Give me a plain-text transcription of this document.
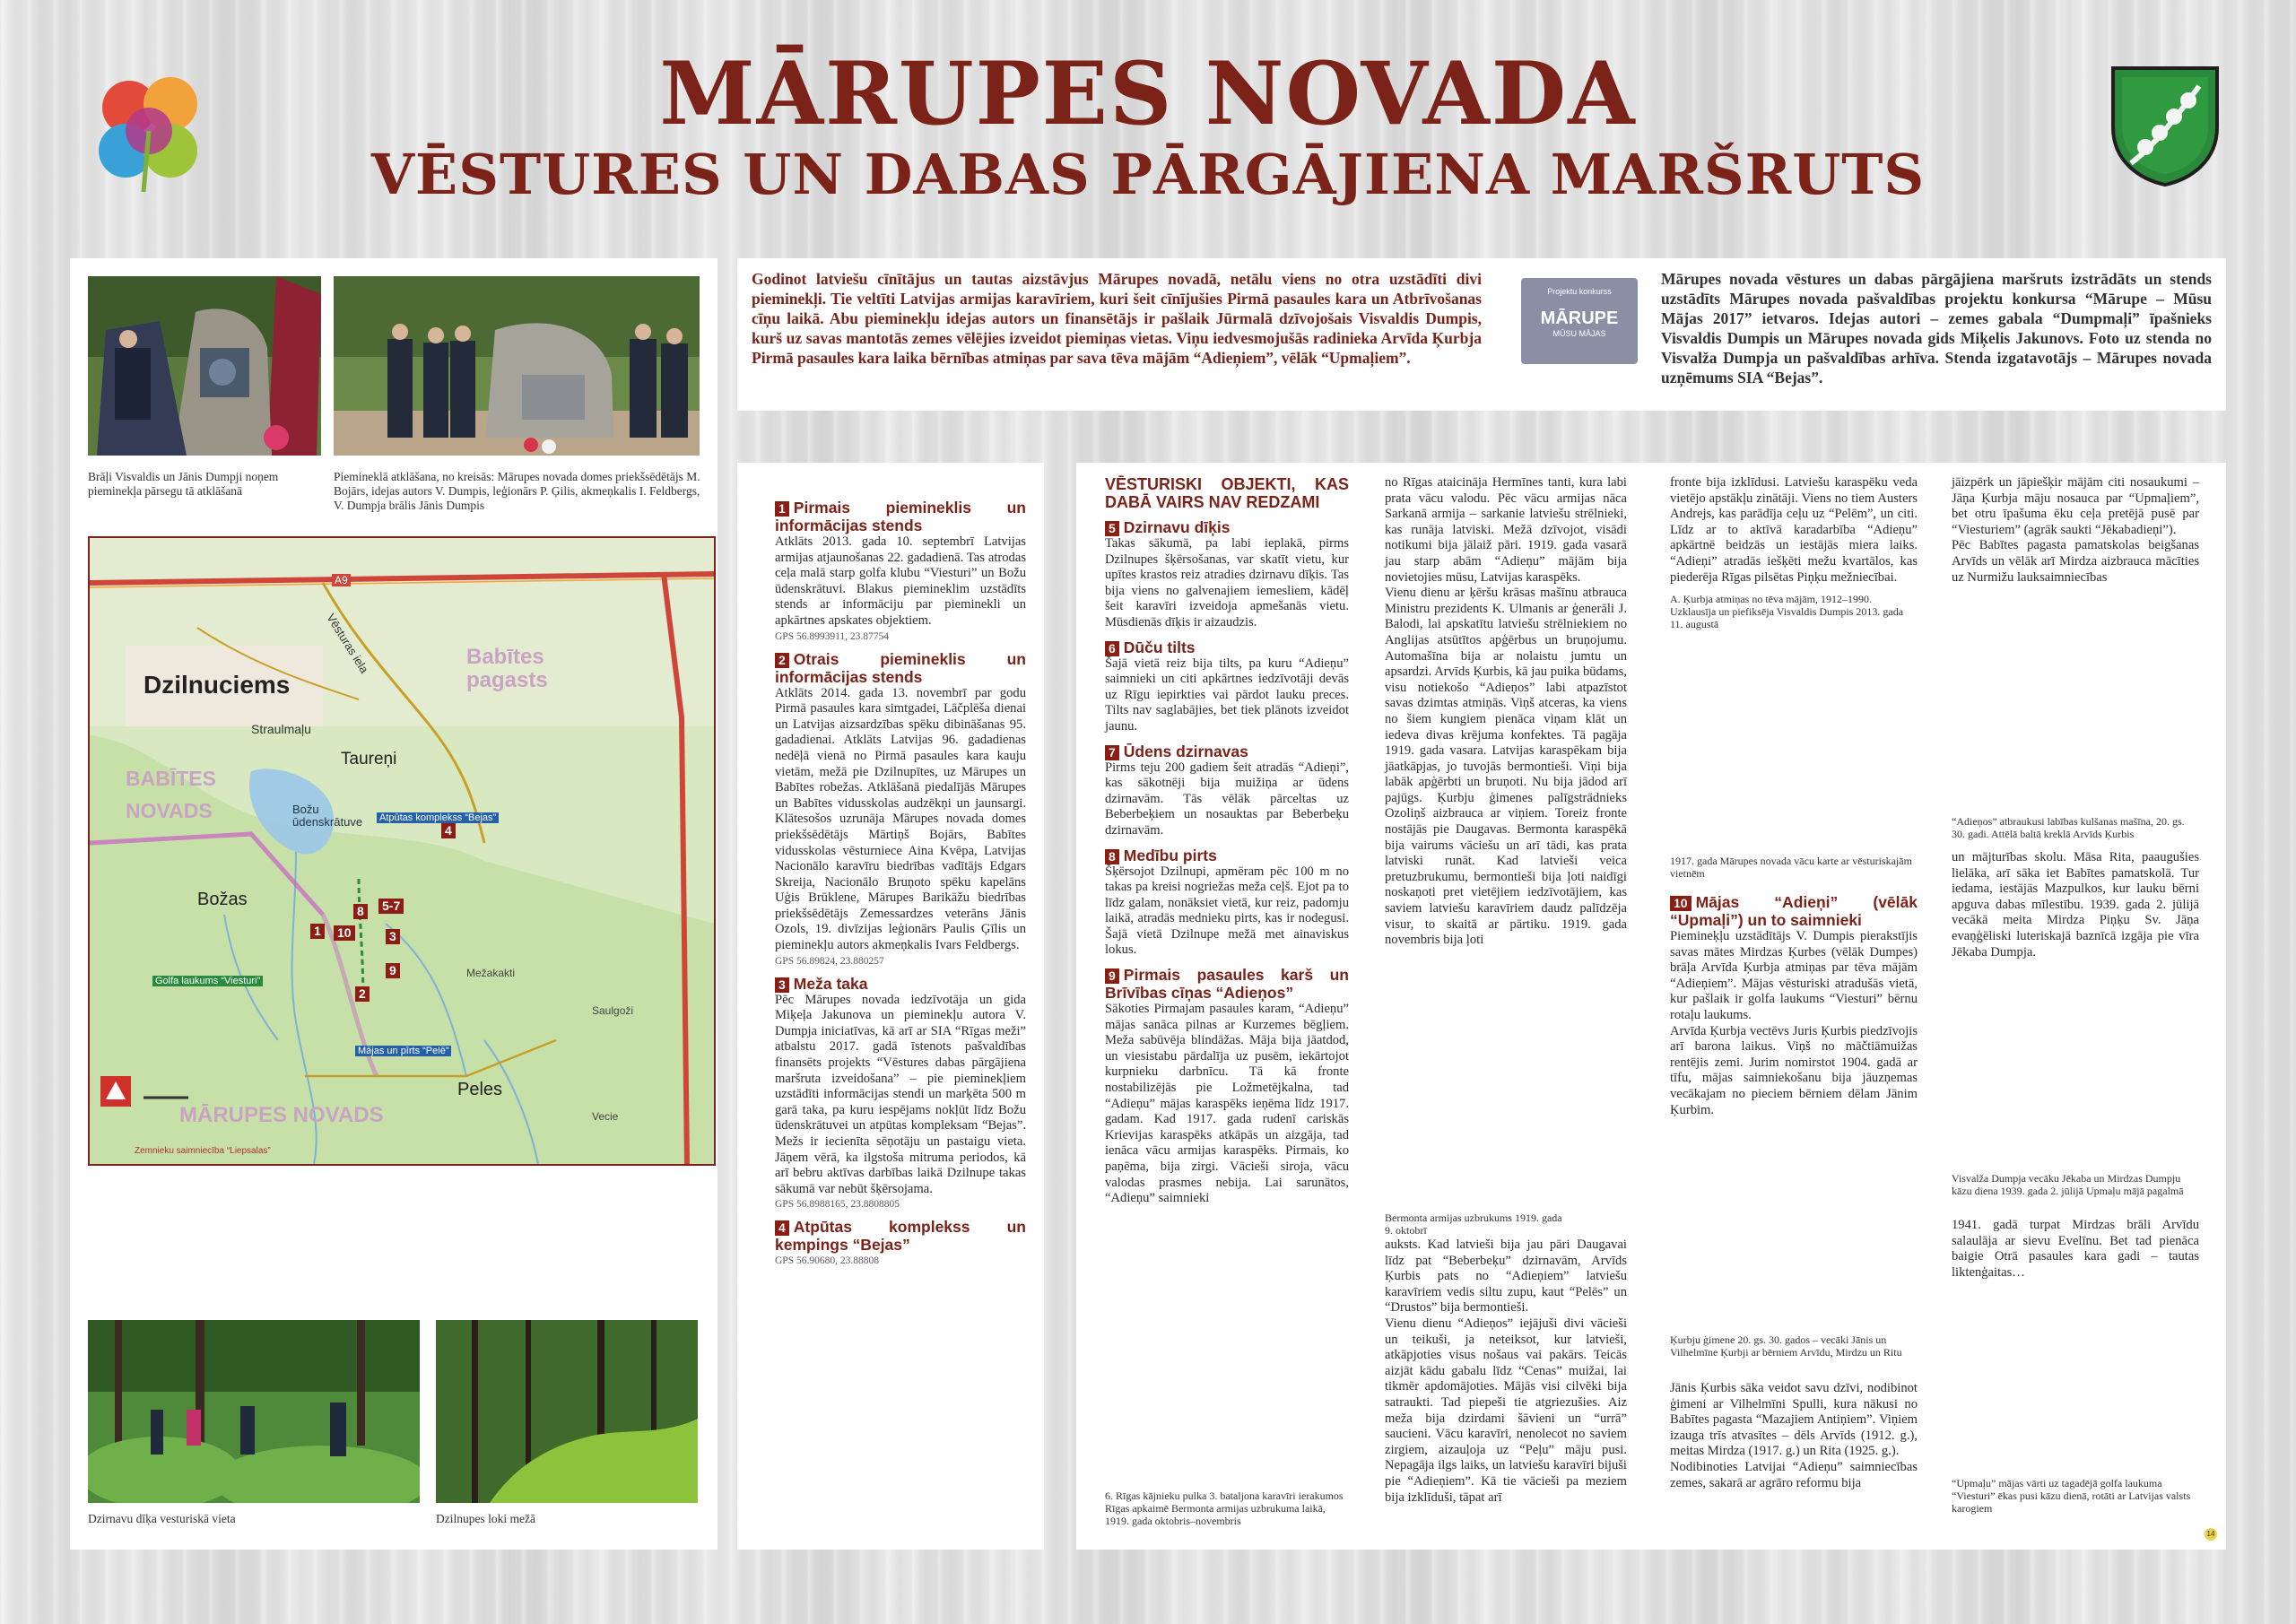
MĀRUPES NOVADA
VĒSTURES UN DABAS PĀRGĀJIENA MARŠRUTS
Brāļi Visvaldis un Jānis Dumpji noņem pieminekļa pārsegu tā atklāšanā
Piemineklā atklāšana, no kreisās: Mārupes novada domes priekšsēdētājs M. Bojārs, idejas autors V. Dumpis, leģionārs P. Ģilis, akmeņkalis I. Feldbergs, V. Dumpja brālis Jānis Dumpis
A9
Dzilnuciems
Babītes pagasts
Vēsturas iela
Straulmaļu
Taureņi
BABĪTES NOVADS	Božu ūdenskrātuve	Atpūtas komplekss “Bejas”
Božas
Golfa laukums “Viesturi”
Mežakakti
Saulgoži
Mājas un pīrts “Pelē”
Peles
MĀRUPES NOVADS	Vecie
Zemnieku saimniecība “Liepsalas”
1
2
3
4
5-7
8
9
10
Dzirnavu dīķa vesturiskā vieta	Dzilnupes loki mežā
Godinot latviešu cīnītājus un tautas aizstāvjus Mārupes novadā, netālu viens no otra uzstādīti divi pieminekļi. Tie veltīti Latvijas armijas karavīriem, kuri šeit cīnījušies Pirmā pasaules kara un Atbrīvošanas cīņu laikā. Abu pieminekļu idejas autors un finansētājs ir pašlaik Jūrmalā dzīvojošais Visvaldis Dumpis, kurš uz savas mantotās zemes vēlējies izveidot piemiņas vietas. Viņu iedvesmojušās radinieka Arvīda Ķurbja Pirmā pasaules kara laika bērnības atmiņas par sava tēva mājām “Adieņiem”, vēlāk “Upmaļiem”.
Projektu konkurss
MĀRUPE
MŪSU MĀJAS
Mārupes novada vēstures un dabas pārgājiena maršruts izstrādāts un stends uzstādīts Mārupes novada pašvaldības projektu konkursa “Mārupe – Mūsu Mājas 2017” ietvaros. Idejas autori – zemes gabala “Dumpmaļi” īpašnieks Visvaldis Dumpis un Mārupes novada gids Miķelis Jakunovs. Foto uz stenda no Visvalža Dumpja un pašvaldības arhīva. Stenda izgatavotājs – Mārupes novada uzņēmums SIA “Bejas”.
1 Pirmais piemineklis un informācijas stends

Atklāts 2013. gada 10. septembrī Latvijas armijas atjaunošanas 22. gadadienā. Tas atrodas ceļa malā starp golfa klubu “Viesturi” un Božu ūdenskrātuvi. Blakus piemineklim uzstādīts stends ar informāciju par pieminekli un apkārtnes apskates objektiem.

GPS 56.8993911, 23.87754
2 Otrais piemineklis un informācijas stends

Atklāts 2014. gada 13. novembrī par godu Pirmā pasaules kara simtgadei, Lāčplēša dienai un Latvijas aizsardzības spēku dibināšanas 95. gadadienai. Atklāts Latvijas 96. gadadienas nedēļā vienā no Pirmā pasaules kara kauju vietām, mežā pie Dzilnupītes, uz Mārupes un Babītes robežas. Atklāšanā piedalījās Mārupes un Babītes vidusskolas audzēkņi un jaunsargi. Klātesošos uzrunāja Mārupes novada domes priekšsēdētājs Mārtiņš Bojārs, Babītes vidusskolas vēsturniece Aina Kvēpa, Latvijas Nacionālo karavīru biedrības vadītājs Edgars Skreija, Nacionālo Bruņoto spēku kapelāns Uģis Brūklene, Mārupes Barikāžu biedrības priekšsēdētājs Zemessardzes veterāns Jānis Ozols, 19. divīzijas leģionārs Paulis Ģīlis un pieminekļu autors akmeņkalis Ivars Feldbergs.

GPS 56.89824, 23.880257
3 Meža taka

Pēc Mārupes novada iedzīvotāja un gida Miķeļa Jakunova un pieminekļu autora V. Dumpja iniciatīvas, kā arī ar SIA “Rīgas meži” atbalstu 2017. gadā īstenots pašvaldības finansēts projekts “Vēstures dabas pārgājiena maršruta izveidošana” – pie pieminekļiem uzstādīti informācijas stendi un marķēta 500 m garā taka, pa kuru iespējams nokļūt līdz Božu ūdenskrātuvei un atpūtas kompleksam “Bejas”. Mežs ir iecienīta sēņotāju un pastaigu vieta. Jāņem vērā, ka ilgstoša mitruma periodos, kā arī bebru aktīvas darbības laikā Dzilnupe takas sākumā var nebūt šķērsojama.

GPS 56.8988165, 23.8808805
4 Atpūtas komplekss un kempings “Bejas”
GPS 56.90680, 23.88808
VĒSTURISKI OBJEKTI, KAS DABĀ VAIRS NAV REDZAMI
5 Dzirnavu dīķis

Takas sākumā, pa labi ieplakā, pirms Dzilnupes šķērsošanas, var skatīt vietu, kur upītes krastos reiz atradies dzirnavu dīķis. Tas bija viens no galvenajiem iemesliem, kādēļ šeit karavīri izveidoja apmešanās vietu. Mūsdienās dīķis ir aizaudzis.

6 Dūču tilts

Šajā vietā reiz bija tilts, pa kuru “Adieņu” saimnieki un citi apkārtnes iedzīvotāji devās uz Rīgu iepirkties vai pārdot lauku preces. Tilts nav saglabājies, bet tiek plānots izveidot jaunu.

7 Ūdens dzirnavas

Pirms teju 200 gadiem šeit atradās “Adieņi”, kas sākotnēji bija muižiņa ar ūdens dzirnavām. Tās vēlāk pārceltas uz Beberbeķiem un nosauktas par Beberbeķu dzirnavām.

8 Medību pirts

Šķērsojot Dzilnupi, apmēram pēc 100 m no takas pa kreisi nogriežas meža ceļš. Ejot pa to līdz galam, nonāksiet vietā, kur reiz, padomju laikā, atradās mednieku pirts, kas ir nodegusi. Šajā vietā Dzilnupe mežā met ainaviskus lokus.

9 Pirmais pasaules karš un Brīvības cīņas “Adieņos”

Sākoties Pirmajam pasaules karam, “Adieņu” mājas sanāca pilnas ar Kurzemes bēgļiem. Meža sabūvēja blindāžas. Māja bija jāatdod, un viesistabu pārdalīja uz pusēm, iekārtojot kurpnieku darbnīcu. Tā kā fronte nostabilizējās pie Ložmetējkalna, tad “Adieņu” mājas karaspēks ieņēma līdz 1917. gadam. Kad 1917. gada rudenī cariskās Krievijas karaspēks atkāpās un aizgāja, tad ienāca vācu armijas karaspēks. Pirmais, ko paņēma, bija zirgi. Vācieši siroja, vācu valodas prasmes nebija. Lai sarunātos, “Adieņu” saimnieki

6. Rīgas kājnieku pulka 3. bataljona karavīri ierakumos Rīgas apkaimē Bermonta armijas uzbrukuma laikā, 1919. gada oktobris–novembris

no Rīgas ataicināja Hermīnes tanti, kura labi prata vācu valodu. Pēc vācu armijas nāca Sarkanā armija – sarkanie latviešu strēlnieki, kas runāja latviski. Mežā dzīvojot, visādi notikumi bija jālaiž pāri. 1919. gada vasarā jau starp abām “Adieņu” mājām bija novietojies mūsu, Latvijas karaspēks.

Vienu dienu ar ķēršu krāsas mašīnu atbrauca Ministru prezidents K. Ulmanis ar ģenerāli J. Balodi, lai apskatītu latviešu strēlniekiem no Anglijas atsūtītos apģērbus un bruņojumu. Automašīna bija ar nolaistu jumtu un apsardzi. Arvīds Ķurbis, kā jau puika būdams, visu notiekošo “Adieņos” labi atpazīstot savas dzimtas atmiņās. Viņš atceras, ka viens no šiem kungiem pienāca viņam klāt un iedeva divas krējuma konfektes. Tā pagāja 1919. gada vasara. Latvijas karaspēkam bija jāatkāpjas, jo tuvojās bermontieši. Viņi bija labāk apģērbti un bruņoti. Nu bija jādod arī pajūgs. Ķurbju ģimenes palīgstrādnieks Ozoliņš aizbrauca ar viņiem. Toreiz fronte nostājās pie Daugavas. Bermonta karaspēkā bija vairums vāciešu un arī tādi, kas prata latviski runāt. Kad latvieši veica pretuzbrukumu, bermontieši bija ļoti naidīgi noskaņoti pret vietējiem iedzīvotājiem, kas saviem latviešu karavīriem daudz palīdzēja visur, to skaitā ar pārtiku. 1919. gada novembris bija ļoti

Bermonta armijas uzbrukums 1919. gada 9. oktobrī

auksts. Kad latvieši bija jau pāri Daugavai līdz pat “Beberbeķu” dzirnavām, Arvīds Ķurbis pats no “Adieņiem” latviešu karavīriem vedis siltu zupu, kaut “Pelēs” un “Drustos” bija bermontieši.

Vienu dienu “Adieņos” iejājuši divi vācieši un teikuši, ja neteiksot, kur latvieši, atkāpjoties visus nošaus vai pakārs. Teicās aizjāt kādu gabalu līdz “Cenas” muižai, lai tikmēr apdomājoties. Mājās visi cilvēki bija satraukti. Tad piepeši tie atgriezušies. Aiz meža bija dzirdami šāvieni un “urrā” saucieni. Vācu karavīri, nenolecot no saviem zirgiem, aizauļoja uz “Peļu” māju pusi. Nepagāja ilgs laiks, un latviešu karavīri bijuši pie “Adieņiem”. Kā tie vācieši pa meziem bija izklīduši, tāpat arī

fronte bija izklīdusi. Latviešu karaspēku veda vietējo apstākļu zinātāji. Viens no tiem Austers Andrejs, kas parādīja ceļu uz “Pelēm”, un citi. Līdz ar to aktīvā karadarbība “Adieņu” apkārtnē beidzās un iestājās miera laiks. “Adieņi” atradās iešķēti mežu kvartālos, kas piederēja Rīgas pilsētas Piņķu mežniecībai.

A. Ķurbja atmiņas no tēva mājām, 1912–1990. Uzklausīja un piefiksēja Visvaldis Dumpis 2013. gada 11. augustā
1917. gada Mārupes novada vācu karte ar vēsturiskajām vietnēm
10 Mājas “Adieņi” (vēlāk “Upmaļi”) un to saimnieki

Piemineķļu uzstādītājs V. Dumpis pierakstījis savas mātes Mirdzas Ķurbes (vēlāk Dumpes) brāļa Arvīda Ķurbja atmiņas par tēva mājām “Adieņiem”. Mājas vēsturiski atradušās vietā, kur pašlaik ir golfa laukums “Viesturi” bērnu rotaļu laukums.

Arvīda Ķurbja vectēvs Juris Ķurbis piedzīvojis arī barona laikus. Viņš no māčtiāmuižas rentējis zemi. Jurim nomirstot 1904. gadā ar tīfu, mājas saimniekošanu bija jāuzņemas vecākajam no pieciem bērniem dēlam Jānim Ķurbim.

Ķurbju ģimene 20. gs. 30. gados – vecāki Jānis un Vilhelmīne Ķurbji ar bērniem Arvīdu, Mirdzu un Ritu

Jānis Ķurbis sāka veidot savu dzīvi, nodibinot ģimeni ar Vilhelmīni Spulli, kura nākusi no Babītes pagasta “Mazajiem Antiņiem”. Viņiem izauga trīs atvasītes – dēls Arvīds (1912. g.), meitas Mirdza (1917. g.) un Rita (1925. g.).

Nodibinoties Latvijai “Adieņu” saimniecības zemes, sakarā ar agrāro reformu bija

jāizpērk un jāpiešķir mājām citi nosaukumi – Jāņa Ķurbja māju nosauca par “Upmaļiem”, bet otru īpašuma ēku ceļa pretējā pusē par “Viesturiem” (agrāk saukti “Jēkabadieņi”).

Pēc Babītes pagasta pamatskolas beigšanas Arvīds un vēlāk arī Mirdza aizbrauca mācīties uz Nurmižu lauksaimniecības

“Adieņos” atbraukusi labības kulšanas mašīna, 20. gs. 30. gadi. Attēlā baltā kreklā Arvīds Ķurbis

un mājturības skolu. Māsa Rita, paaugušies lielāka, arī sāka iet Babītes pamatskolā. Tur iedama, iestājās Mazpulkos, kur lauku bērni apguva dabas mīlestību. 1939. gada 2. jūlijā vecākā meita Mirdza Piņķu Sv. Jāņa evaņģēliski luteriskajā baznīcā izgāja pie vīra Jēkaba Dumpja.

Visvalža Dumpja vecāku Jēkaba un Mirdzas Dumpju kāzu diena 1939. gada 2. jūlijā Upmaļu mājā pagalmā

1941. gadā turpat Mirdzas brāli Arvīdu salaulāja ar sievu Evelīnu. Bet tad pienāca baigie Otrā pasaules kara gadi – tautas liktenģaitas…

“Upmaļu” mājas vārti uz tagadējā golfa laukuma “Viesturi” ēkas pusi kāzu dienā, rotāti ar Latvijas valsts karogiem
14
